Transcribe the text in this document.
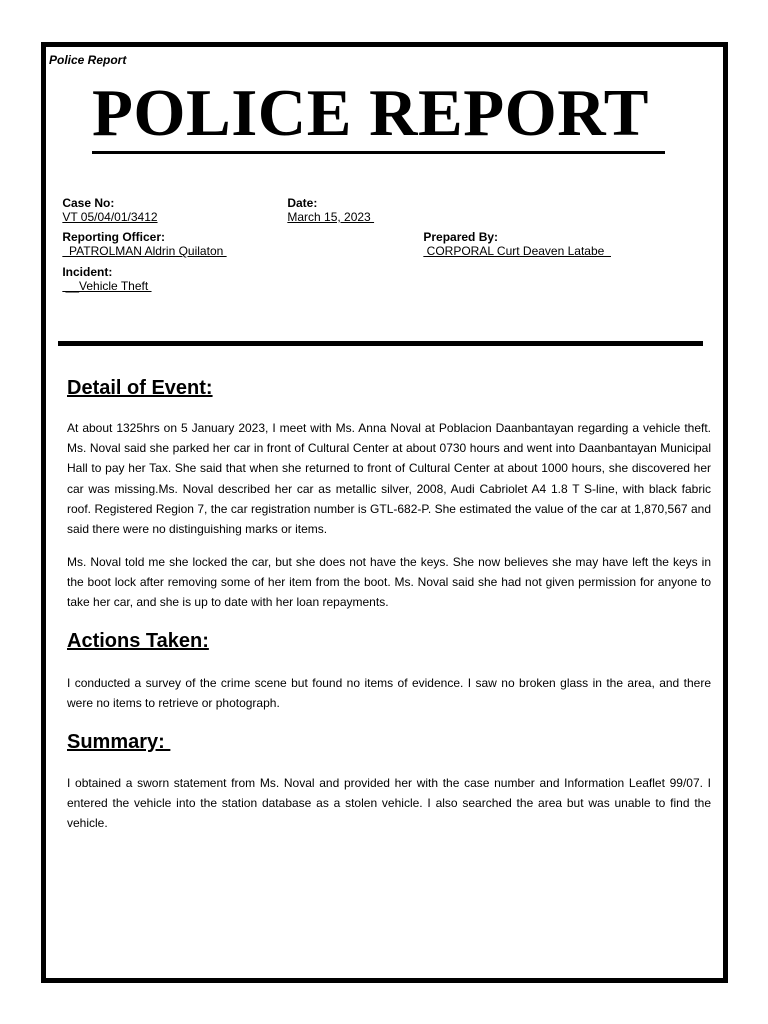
Police Report
POLICE REPORT

Case No:
VT 05/04/01/3412

Date:
March 15, 2023

Reporting Officer:
PATROLMAN Aldrin Quilaton

Prepared By:
CORPORAL Curt Deaven Latabe

Incident:
__Vehicle Theft

Detail of Event:
At about 1325hrs on 5 January 2023, I meet with Ms. Anna Noval at Poblacion Daanbantayan regarding a vehicle theft. Ms. Noval said she parked her car in front of Cultural Center at about 0730 hours and went into Daanbantayan Municipal Hall to pay her Tax. She said that when she returned to front of Cultural Center at about 1000 hours, she discovered her car was missing.Ms. Noval described her car as metallic silver, 2008, Audi Cabriolet A4 1.8 T S-line, with black fabric roof. Registered Region 7, the car registration number is GTL-682-P. She estimated the value of the car at 1,870,567 and said there were no distinguishing marks or items.
Ms. Noval told me she locked the car, but she does not have the keys. She now believes she may have left the keys in the boot lock after removing some of her item from the boot. Ms. Noval said she had not given permission for anyone to take her car, and she is up to date with her loan repayments.
Actions Taken:
I conducted a survey of the crime scene but found no items of evidence. I saw no broken glass in the area, and there were no items to retrieve or photograph.
Summary:
I obtained a sworn statement from Ms. Noval and provided her with the case number and Information Leaflet 99/07. I entered the vehicle into the station database as a stolen vehicle. I also searched the area but was unable to find the vehicle.
